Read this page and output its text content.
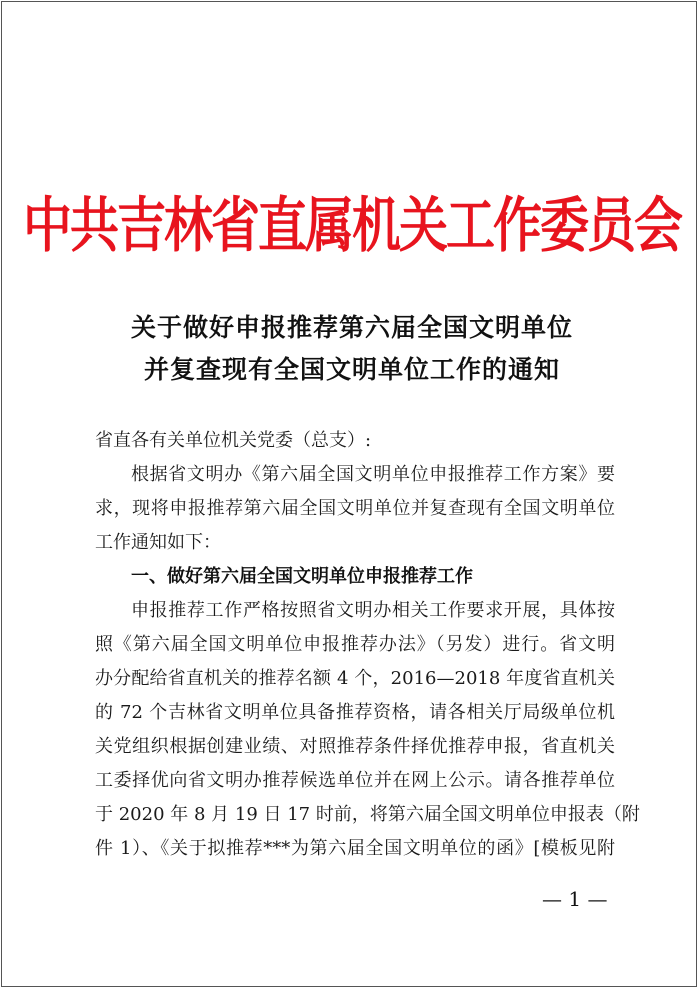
中共吉林省直属机关工作委员会
关于做好申报推荐第六届全国文明单位
并复查现有全国文明单位工作的通知
省直各有关单位机关党委（总支）:
根据省文明办《第六届全国文明单位申报推荐工作方案》要
求，现将申报推荐第六届全国文明单位并复查现有全国文明单位
工作通知如下：
一、做好第六届全国文明单位申报推荐工作
申报推荐工作严格按照省文明办相关工作要求开展，具体按
照《第六届全国文明单位申报推荐办法》（另发）进行。省文明
办分配给省直机关的推荐名额 4 个，2016—2018 年度省直机关
的 72 个吉林省文明单位具备推荐资格，请各相关厅局级单位机
关党组织根据创建业绩、对照推荐条件择优推荐申报，省直机关
工委择优向省文明办推荐候选单位并在网上公示。请各推荐单位
于 2020 年 8 月 19 日 17 时前，将第六届全国文明单位申报表（附
件 1）、《关于拟推荐***为第六届全国文明单位的函》[模板见附
— 1 —
